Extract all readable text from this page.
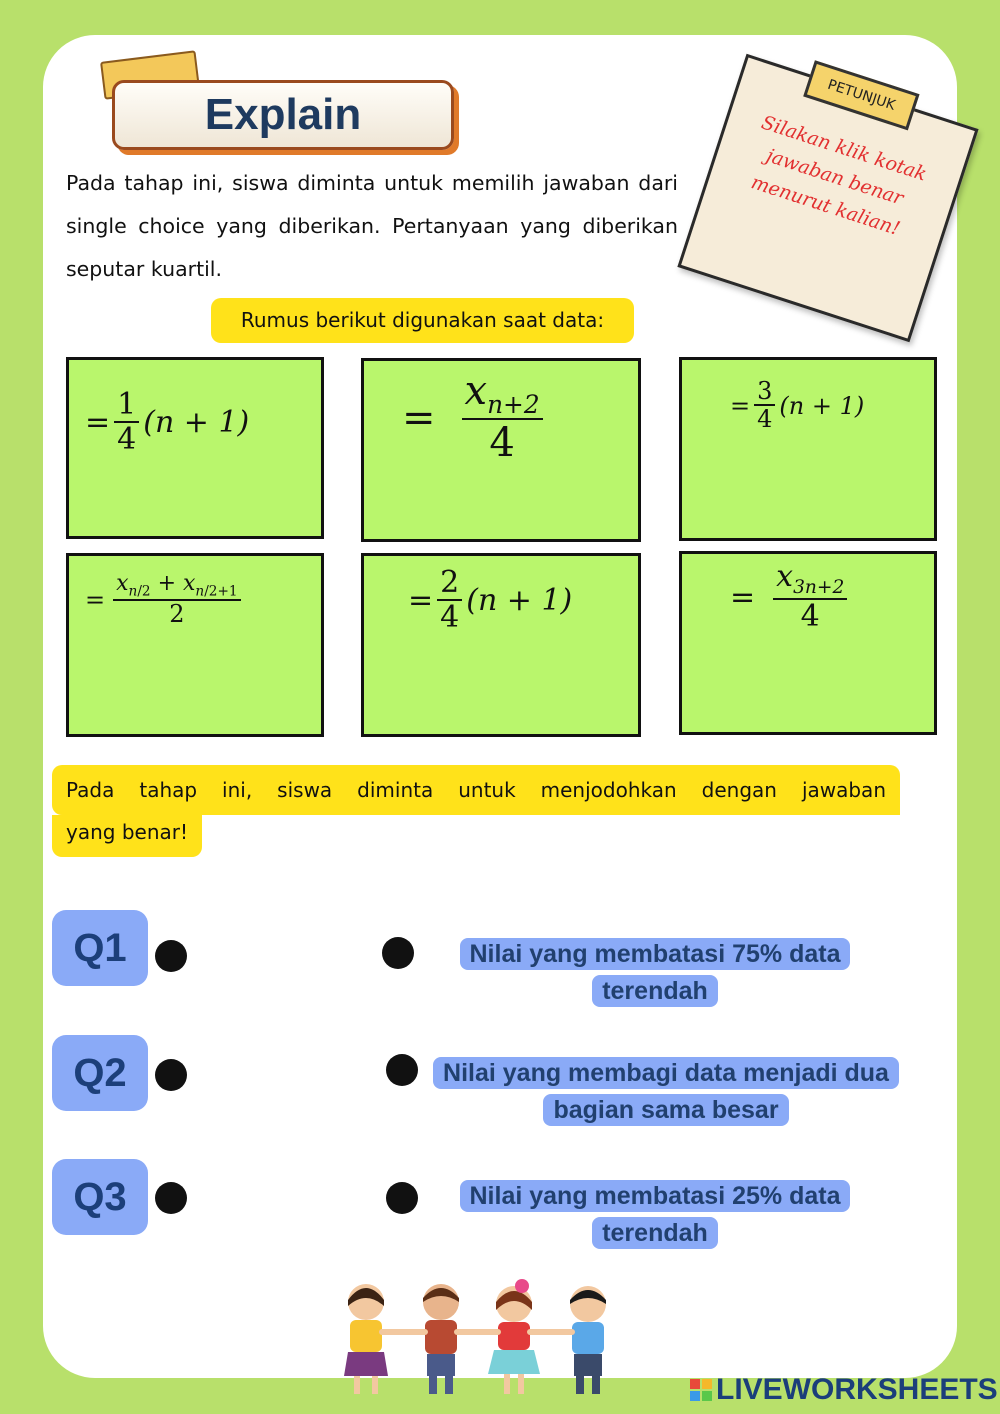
Explain
Pada tahap ini, siswa diminta untuk memilih jawaban dari single choice yang diberikan. Pertanyaan yang diberikan seputar kuartil.
PETUNJUK
Silakan klik kotak jawaban benar menurut kalian!
Rumus berikut digunakan saat data:
= $\frac{1}{4} (n + 1)$	= $\frac{x_{n+2}}{4}$	= $\frac{3}{4} (n + 1)$
= $\frac{x_{n/2} + x_{n/2+1}}{2}$	= $\frac{2}{4} (n + 1)$	= $\frac{x_{3n+2}}{4}$
Pada tahap ini, siswa diminta untuk menjodohkan dengan jawaban
yang benar!
Q1	Nilai yang membatasi 75% data terendah
Q2	Nilai yang membagi data menjadi dua bagian sama besar
Q3	Nilai yang membatasi 25% data terendah
LIVEWORKSHEETS
